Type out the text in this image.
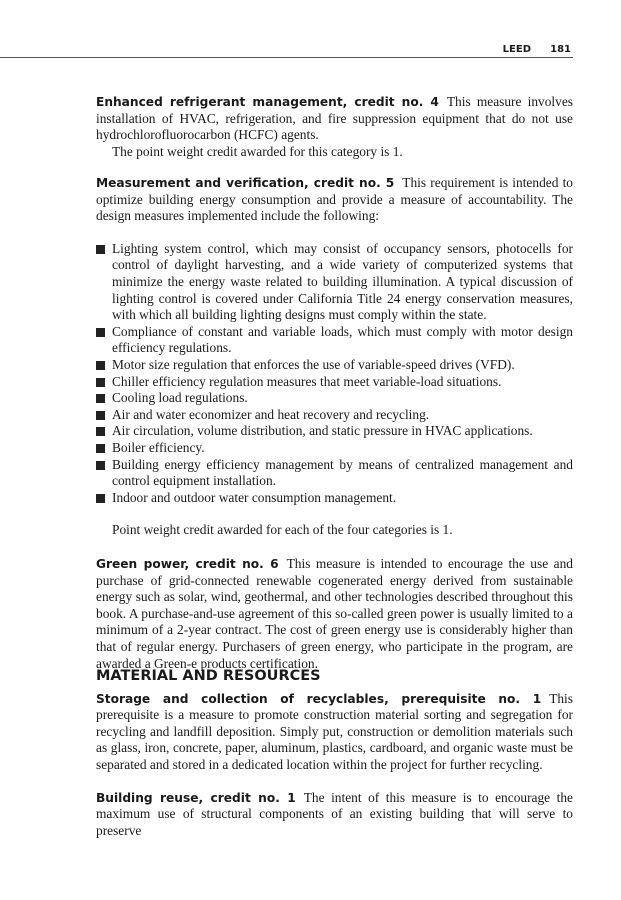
LEED 181

Enhanced refrigerant management, credit no. 4 This measure involves installation of HVAC, refrigeration, and fire suppression equipment that do not use hydrochlorofluorocarbon (HCFC) agents.

The point weight credit awarded for this category is 1.

Measurement and verification, credit no. 5 This requirement is intended to optimize building energy consumption and provide a measure of accountability. The design measures implemented include the following:

Lighting system control, which may consist of occupancy sensors, photocells for control of daylight harvesting, and a wide variety of computerized systems that minimize the energy waste related to building illumination. A typical discussion of lighting control is covered under California Title 24 energy conservation measures, with which all building lighting designs must comply within the state.
Compliance of constant and variable loads, which must comply with motor design efficiency regulations.
Motor size regulation that enforces the use of variable-speed drives (VFD).
Chiller efficiency regulation measures that meet variable-load situations.
Cooling load regulations.
Air and water economizer and heat recovery and recycling.
Air circulation, volume distribution, and static pressure in HVAC applications.
Boiler efficiency.
Building energy efficiency management by means of centralized management and control equipment installation.
Indoor and outdoor water consumption management.

Point weight credit awarded for each of the four categories is 1.

Green power, credit no. 6 This measure is intended to encourage the use and purchase of grid-connected renewable cogenerated energy derived from sustainable energy such as solar, wind, geothermal, and other technologies described throughout this book. A purchase-and-use agreement of this so-called green power is usually limited to a minimum of a 2-year contract. The cost of green energy use is considerably higher than that of regular energy. Purchasers of green energy, who participate in the program, are awarded a Green-e products certification.

MATERIAL AND RESOURCES

Storage and collection of recyclables, prerequisite no. 1 This prerequisite is a measure to promote construction material sorting and segregation for recycling and landfill deposition. Simply put, construction or demolition materials such as glass, iron, concrete, paper, aluminum, plastics, cardboard, and organic waste must be separated and stored in a dedicated location within the project for further recycling.

Building reuse, credit no. 1 The intent of this measure is to encourage the maximum use of structural components of an existing building that will serve to preserve
